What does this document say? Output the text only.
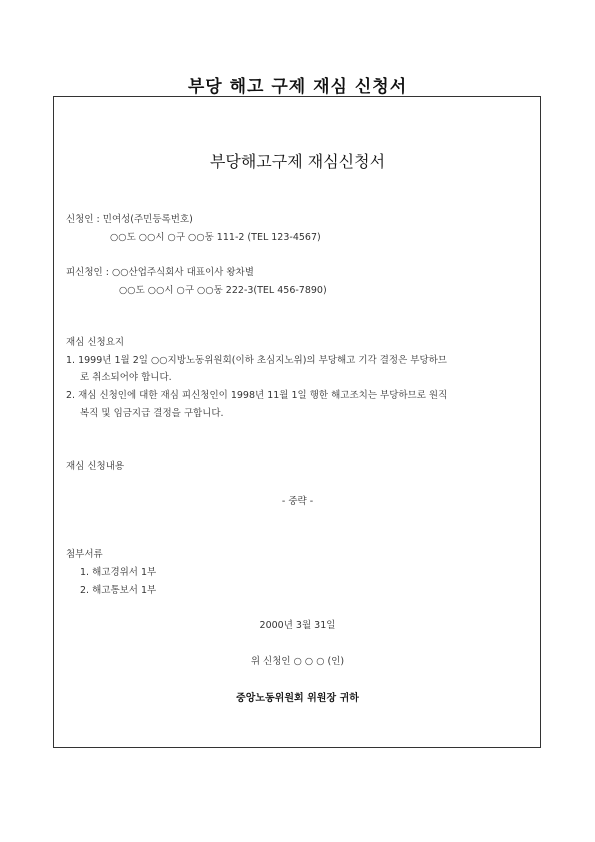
부당 해고 구제 재심 신청서
부당해고구제 재심신청서
신청인 : 민여성(주민등록번호)
○○도 ○○시 ○구 ○○동 111-2 (TEL 123-4567)
피신청인 : ○○산업주식회사 대표이사 왕차별
○○도 ○○시 ○구 ○○동 222-3(TEL 456-7890)
재심 신청요지
1. 1999년 1월 2일 ○○지방노동위원회(이하 초심지노위)의 부당해고 기각 결정은 부당하므
로 취소되어야 합니다.
2. 재심 신청인에 대한 재심 피신청인이 1998년 11월 1일 행한 해고조치는 부당하므로 원직
복직 및 임금지급 결정을 구합니다.
재심 신청내용
- 중략 -
첨부서류
1. 해고경위서 1부
2. 해고통보서 1부
2000년 3월 31일
위 신청인 ○ ○ ○ (인)
중앙노동위원회 위원장 귀하
